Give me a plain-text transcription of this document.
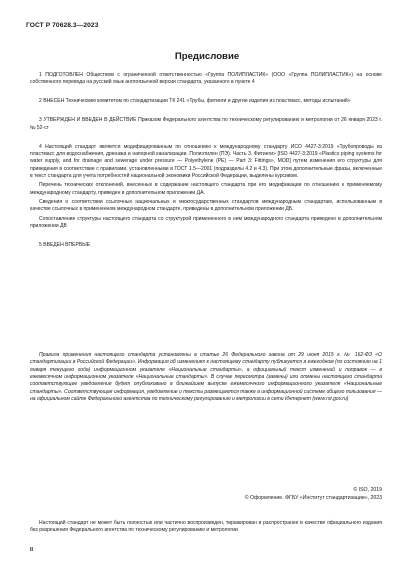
ГОСТ Р 70628.3—2023
Предисловие

1 ПОДГОТОВЛЕН Обществом с ограниченной ответственностью «Группа ПОЛИПЛАСТИК» (ООО «Группа ПОЛИПЛАСТИК») на основе собственного перевода на русский язык англоязычной версии стандарта, указанного в пункте 4

2 ВНЕСЕН Техническим комитетом по стандартизации ТК 241 «Трубы, фитинги и другие изделия из пластмасс, методы испытаний»

3 УТВЕРЖДЕН И ВВЕДЕН В ДЕЙСТВИЕ Приказом Федерального агентства по техническому регулированию и метрологии от 26 января 2023 г. № 52-ст

4 Настоящий стандарт является модифицированным по отношению к международному стандарту ИСО 4427-3:2019 «Трубопроводы из пластмасс для водоснабжения, дренажа и напорной канализации. Полиэтилен (ПЭ). Часть 3. Фитинги» [ISO 4427-3:2019 «Plastics piping systems for water supply, and for drainage and sewerage under pressure — Polyethylene (PE) — Part 3: Fittings», MOD] путем изменения его структуры для приведения в соответствие с правилами, установленными в ГОСТ 1.5—2001 (подразделы 4.2 и 4.3). При этом дополнительные фразы, включенные в текст стандарта для учета потребностей национальной экономики Российской Федерации, выделены курсивом.

Перечень технических отклонений, внесенных в содержание настоящего стандарта при его модификации по отношению к применяемому международному стандарту, приведен в дополнительном приложении ДА.

Сведения о соответствии ссылочных национальных и межгосударственных стандартов международным стандартам, использованным в качестве ссылочных в примененном международном стандарте, приведены в дополнительном приложении ДБ.

Сопоставление структуры настоящего стандарта со структурой примененного в нем международного стандарта приведено в дополнительном приложении ДВ

5 ВВЕДЕН ВПЕРВЫЕ

Правила применения настоящего стандарта установлены в статье 26 Федерального закона от 29 июня 2015 г. № 162-ФЗ «О стандартизации в Российской Федерации». Информация об изменениях к настоящему стандарту публикуется в ежегодном (по состоянию на 1 января текущего года) информационном указателе «Национальные стандарты», а официальный текст изменений и поправок — в ежемесячном информационном указателе «Национальные стандарты». В случае пересмотра (замены) или отмены настоящего стандарта соответствующее уведомление будет опубликовано в ближайшем выпуске ежемесячного информационного указателя «Национальные стандарты». Соответствующая информация, уведомление и тексты размещаются также в информационной системе общего пользования — на официальном сайте Федерального агентства по техническому регулированию и метрологии в сети Интернет (www.rst.gov.ru)

© ISO, 2019
© Оформление. ФГБУ «Институт стандартизации», 2023

Настоящий стандарт не может быть полностью или частично воспроизведен, тиражирован и распространен в качестве официального издания без разрешения Федерального агентства по техническому регулированию и метрологии

II
